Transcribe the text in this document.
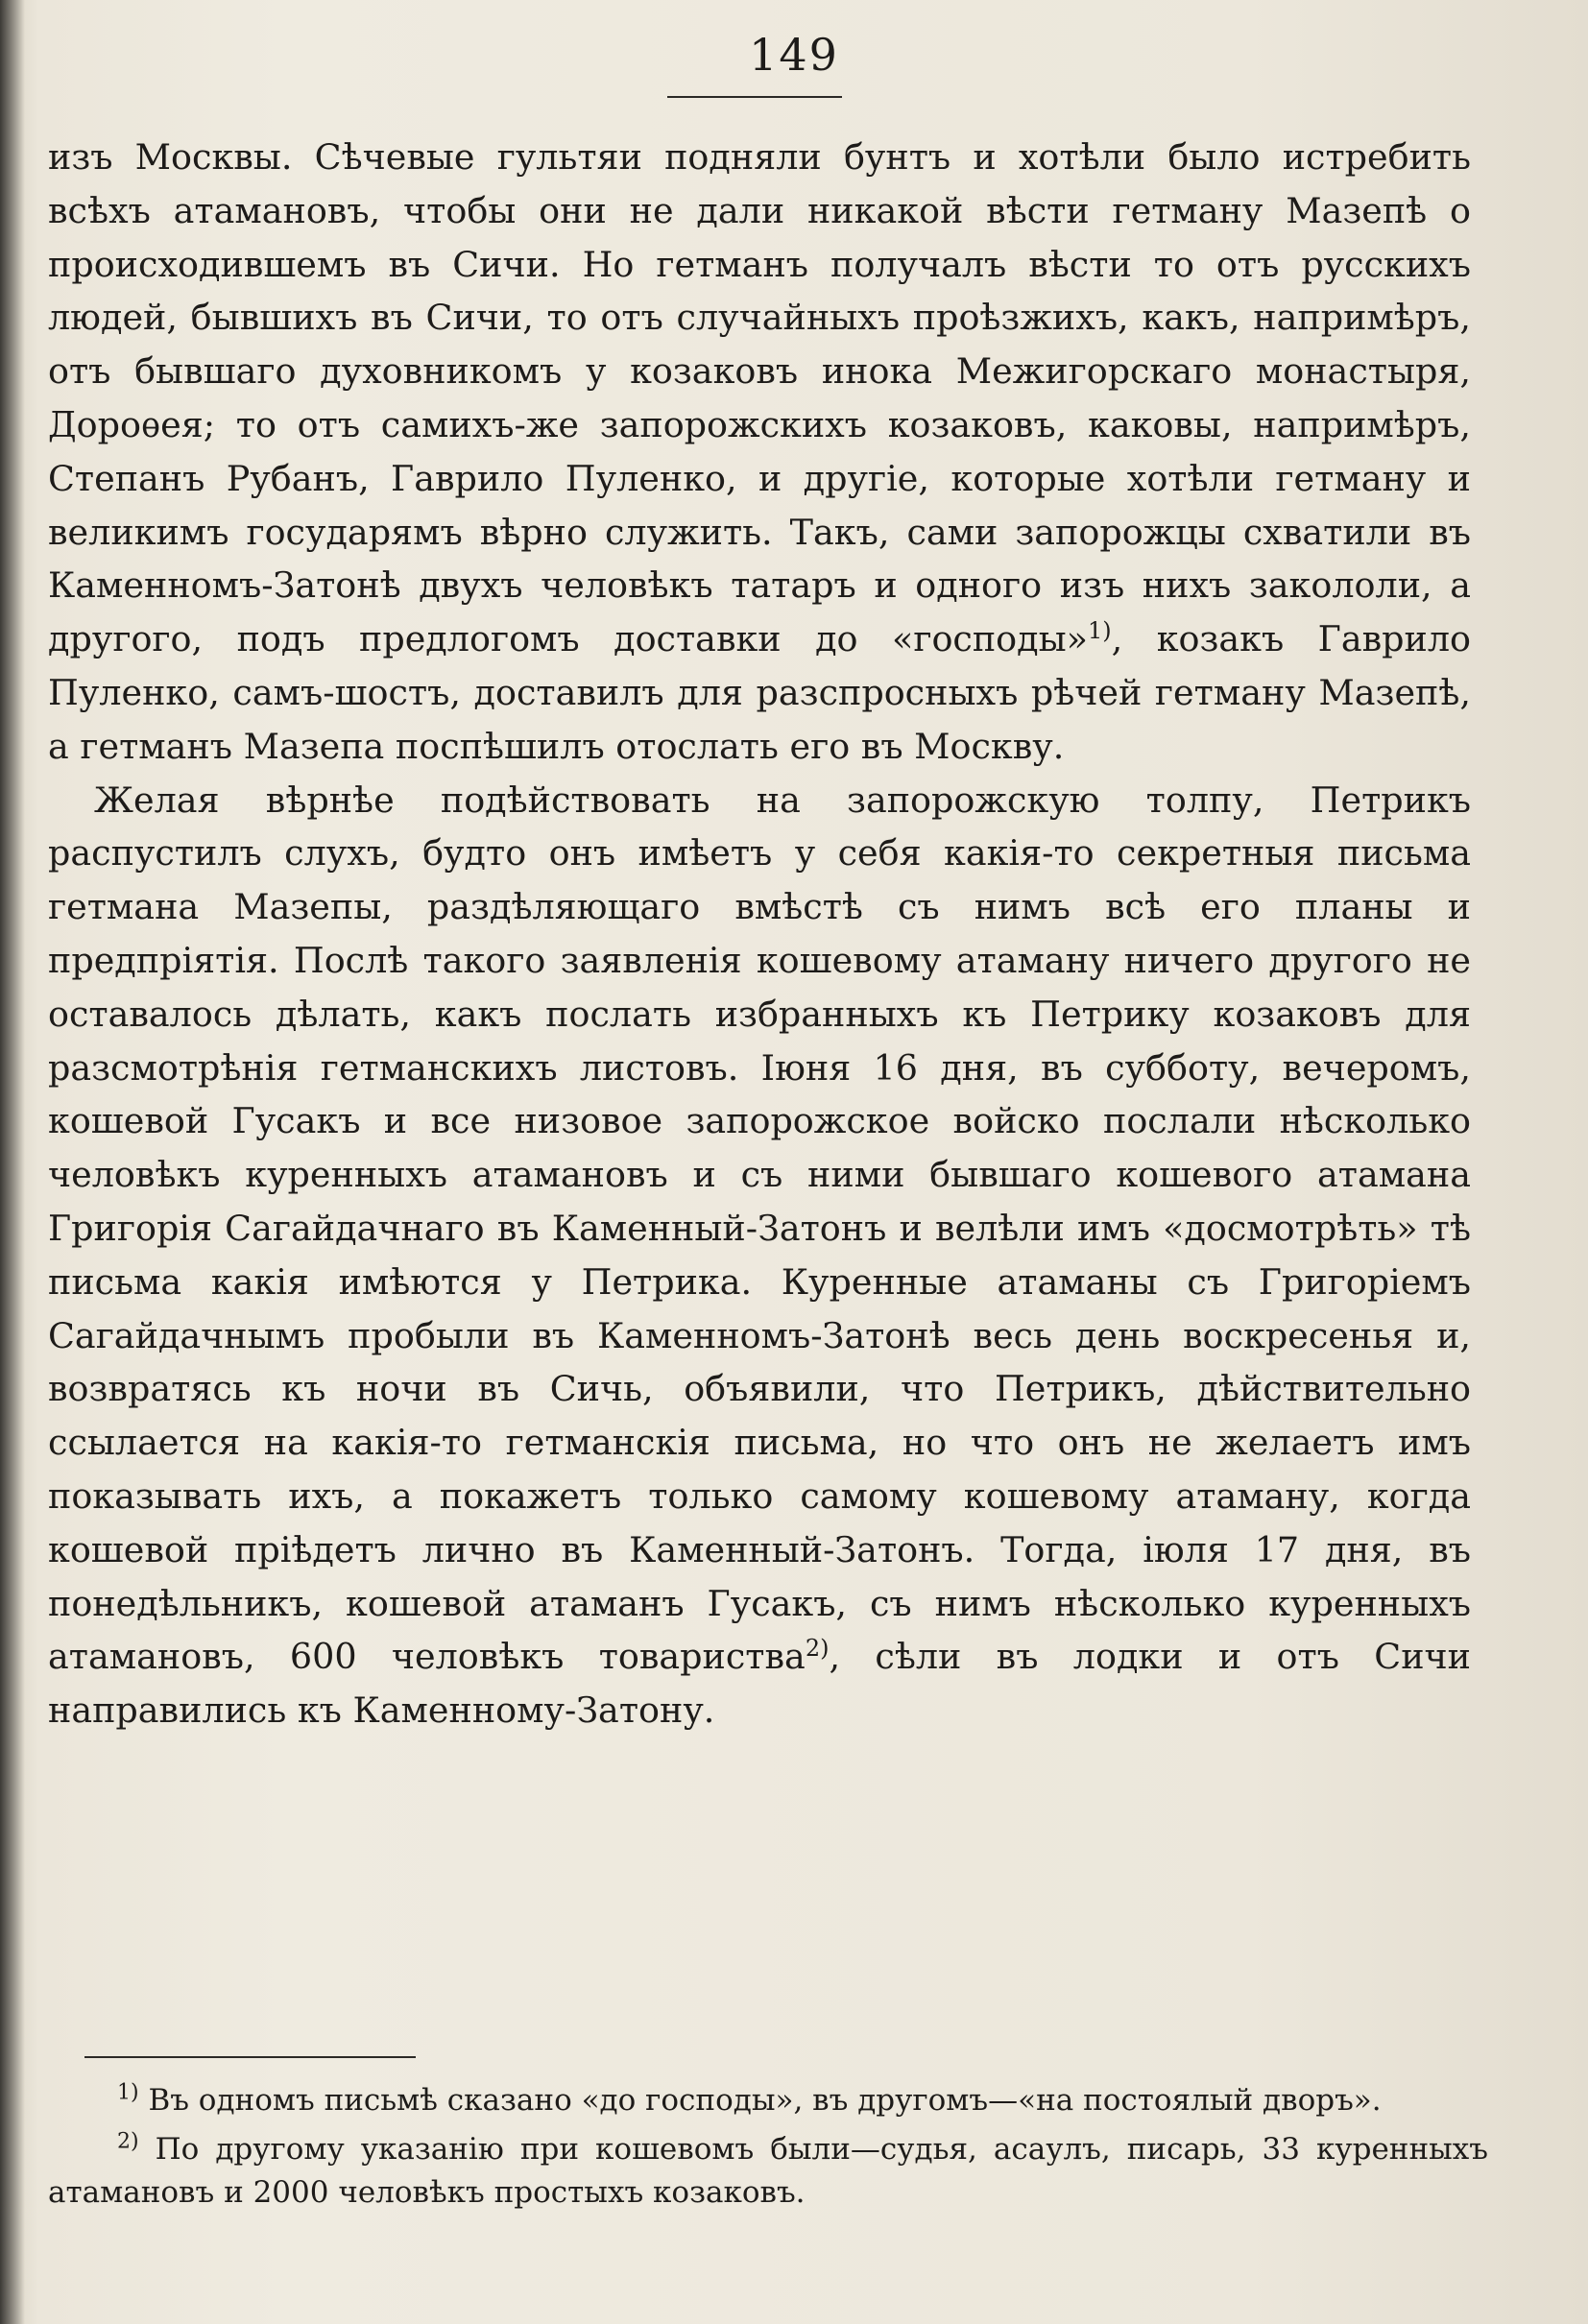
149

изъ Москвы. Сѣчевые гультяи подняли бунтъ и хотѣли было истребить всѣхъ атамановъ, чтобы они не дали никакой вѣсти гетману Мазепѣ о происходившемъ въ Сичи. Но гетманъ получалъ вѣсти то отъ русскихъ людей, бывшихъ въ Сичи, то отъ случайныхъ проѣзжихъ, какъ, напримѣръ, отъ бывшаго духовникомъ у козаковъ инока Межигорскаго монастыря, Дороѳея; то отъ самихъ-же запорожскихъ козаковъ, каковы, напримѣръ, Степанъ Рубанъ, Гаврило Пуленко, и другіе, которые хотѣли гетману и великимъ государямъ вѣрно служить. Такъ, сами запорожцы схватили въ Каменномъ-Затонѣ двухъ человѣкъ татаръ и одного изъ нихъ закололи, а другого, подъ предлогомъ доставки до «господы»$^{1)}$, козакъ Гаврило Пуленко, самъ-шостъ, доставилъ для разспросныхъ рѣчей гетману Мазепѣ, а гетманъ Мазепа поспѣшилъ отослать его въ Москву.

Желая вѣрнѣе подѣйствовать на запорожскую толпу, Петрикъ распустилъ слухъ, будто онъ имѣетъ у себя какія-то секретныя письма гетмана Мазепы, раздѣляющаго вмѣстѣ съ нимъ всѣ его планы и предпріятія. Послѣ такого заявленія кошевому атаману ничего другого не оставалось дѣлать, какъ послать избранныхъ къ Петрику козаковъ для разсмотрѣнія гетманскихъ листовъ. Іюня 16 дня, въ субботу, вечеромъ, кошевой Гусакъ и все низовое запорожское войско послали нѣсколько человѣкъ куренныхъ атамановъ и съ ними бывшаго кошевого атамана Григорія Сагайдачнаго въ Каменный-Затонъ и велѣли имъ «досмотрѣть» тѣ письма какія имѣются у Петрика. Куренные атаманы съ Григоріемъ Сагайдачнымъ пробыли въ Каменномъ-Затонѣ весь день воскресенья и, возвратясь къ ночи въ Сичь, объявили, что Петрикъ, дѣйствительно ссылается на какія-то гетманскія письма, но что онъ не желаетъ имъ показывать ихъ, а покажетъ только самому кошевому атаману, когда кошевой пріѣдетъ лично въ Каменный-Затонъ. Тогда, іюля 17 дня, въ понедѣльникъ, кошевой атаманъ Гусакъ, съ нимъ нѣсколько куренныхъ атамановъ, 600 человѣкъ товариства$^{2)}$, сѣли въ лодки и отъ Сичи направились къ Каменному-Затону.

$^{1)}$ Въ одномъ письмѣ сказано «до господы», въ другомъ—«на постоялый дворъ».

$^{2)}$ По другому указанію при кошевомъ были—судья, асаулъ, писарь, 33 куренныхъ атамановъ и 2000 человѣкъ простыхъ козаковъ.
